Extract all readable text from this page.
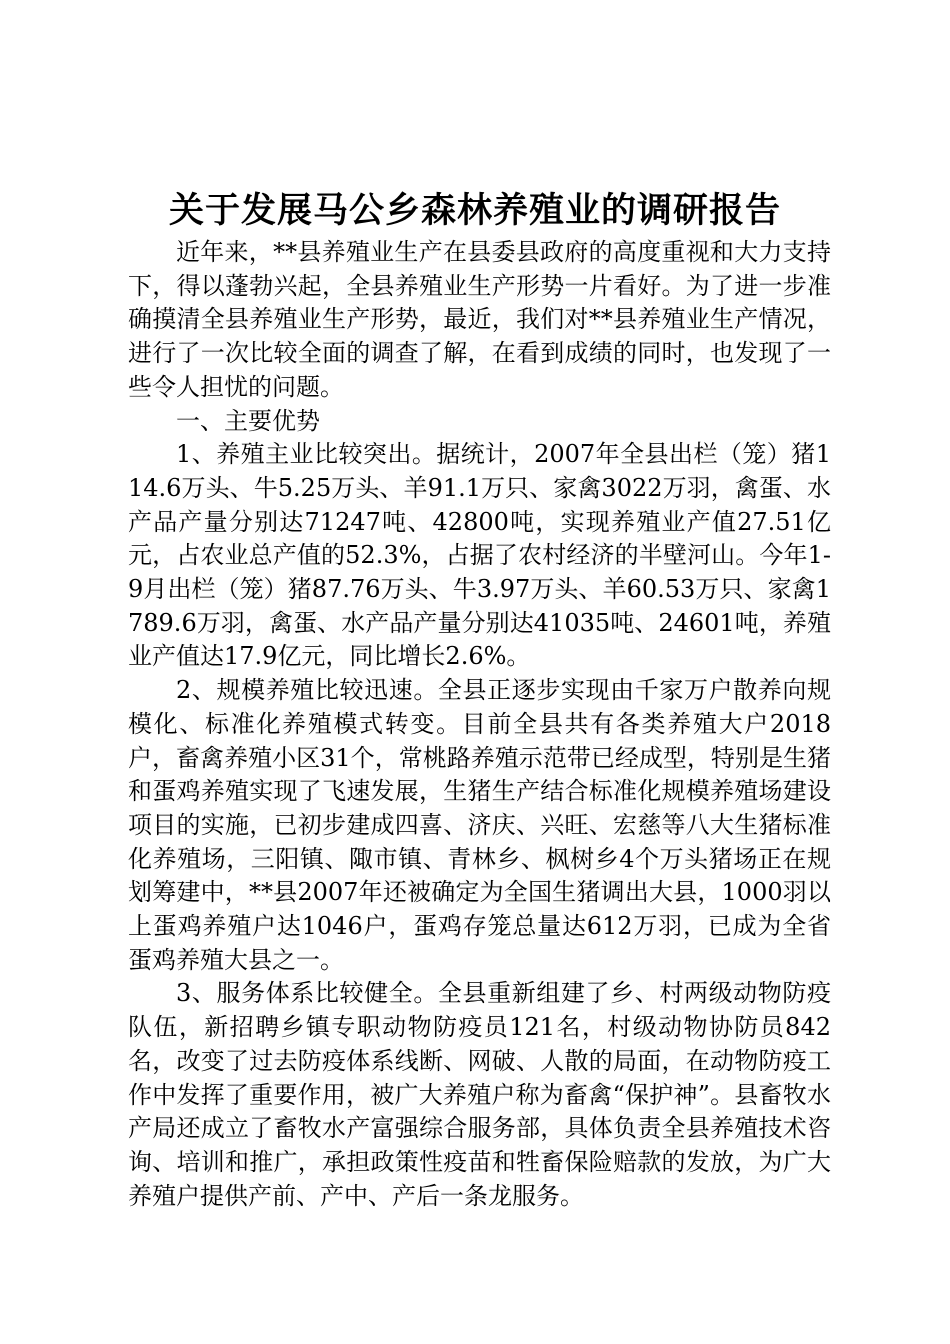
关于发展马公乡森林养殖业的调研报告

近年来，**县养殖业生产在县委县政府的高度重视和大力支持下，得以蓬勃兴起，全县养殖业生产形势一片看好。为了进一步准确摸清全县养殖业生产形势，最近，我们对**县养殖业生产情况，进行了一次比较全面的调查了解，在看到成绩的同时，也发现了一些令人担忧的问题。

一、主要优势

1、养殖主业比较突出。据统计，2007年全县出栏（笼）猪114.6万头、牛5.25万头、羊91.1万只、家禽3022万羽，禽蛋、水产品产量分别达71247吨、42800吨，实现养殖业产值27.51亿元，占农业总产值的52.3%，占据了农村经济的半壁河山。今年1-9月出栏（笼）猪87.76万头、牛3.97万头、羊60.53万只、家禽1789.6万羽，禽蛋、水产品产量分别达41035吨、24601吨，养殖业产值达17.9亿元，同比增长2.6%。

2、规模养殖比较迅速。全县正逐步实现由千家万户散养向规模化、标准化养殖模式转变。目前全县共有各类养殖大户2018户，畜禽养殖小区31个，常桃路养殖示范带已经成型，特别是生猪和蛋鸡养殖实现了飞速发展，生猪生产结合标准化规模养殖场建设项目的实施，已初步建成四喜、济庆、兴旺、宏慈等八大生猪标准化养殖场，三阳镇、陬市镇、青林乡、枫树乡4个万头猪场正在规划筹建中，**县2007年还被确定为全国生猪调出大县，1000羽以上蛋鸡养殖户达1046户，蛋鸡存笼总量达612万羽，已成为全省蛋鸡养殖大县之一。

3、服务体系比较健全。全县重新组建了乡、村两级动物防疫队伍，新招聘乡镇专职动物防疫员121名，村级动物协防员842名，改变了过去防疫体系线断、网破、人散的局面，在动物防疫工作中发挥了重要作用，被广大养殖户称为畜禽“保护神”。县畜牧水产局还成立了畜牧水产富强综合服务部，具体负责全县养殖技术咨询、培训和推广，承担政策性疫苗和牲畜保险赔款的发放，为广大养殖户提供产前、产中、产后一条龙服务。
